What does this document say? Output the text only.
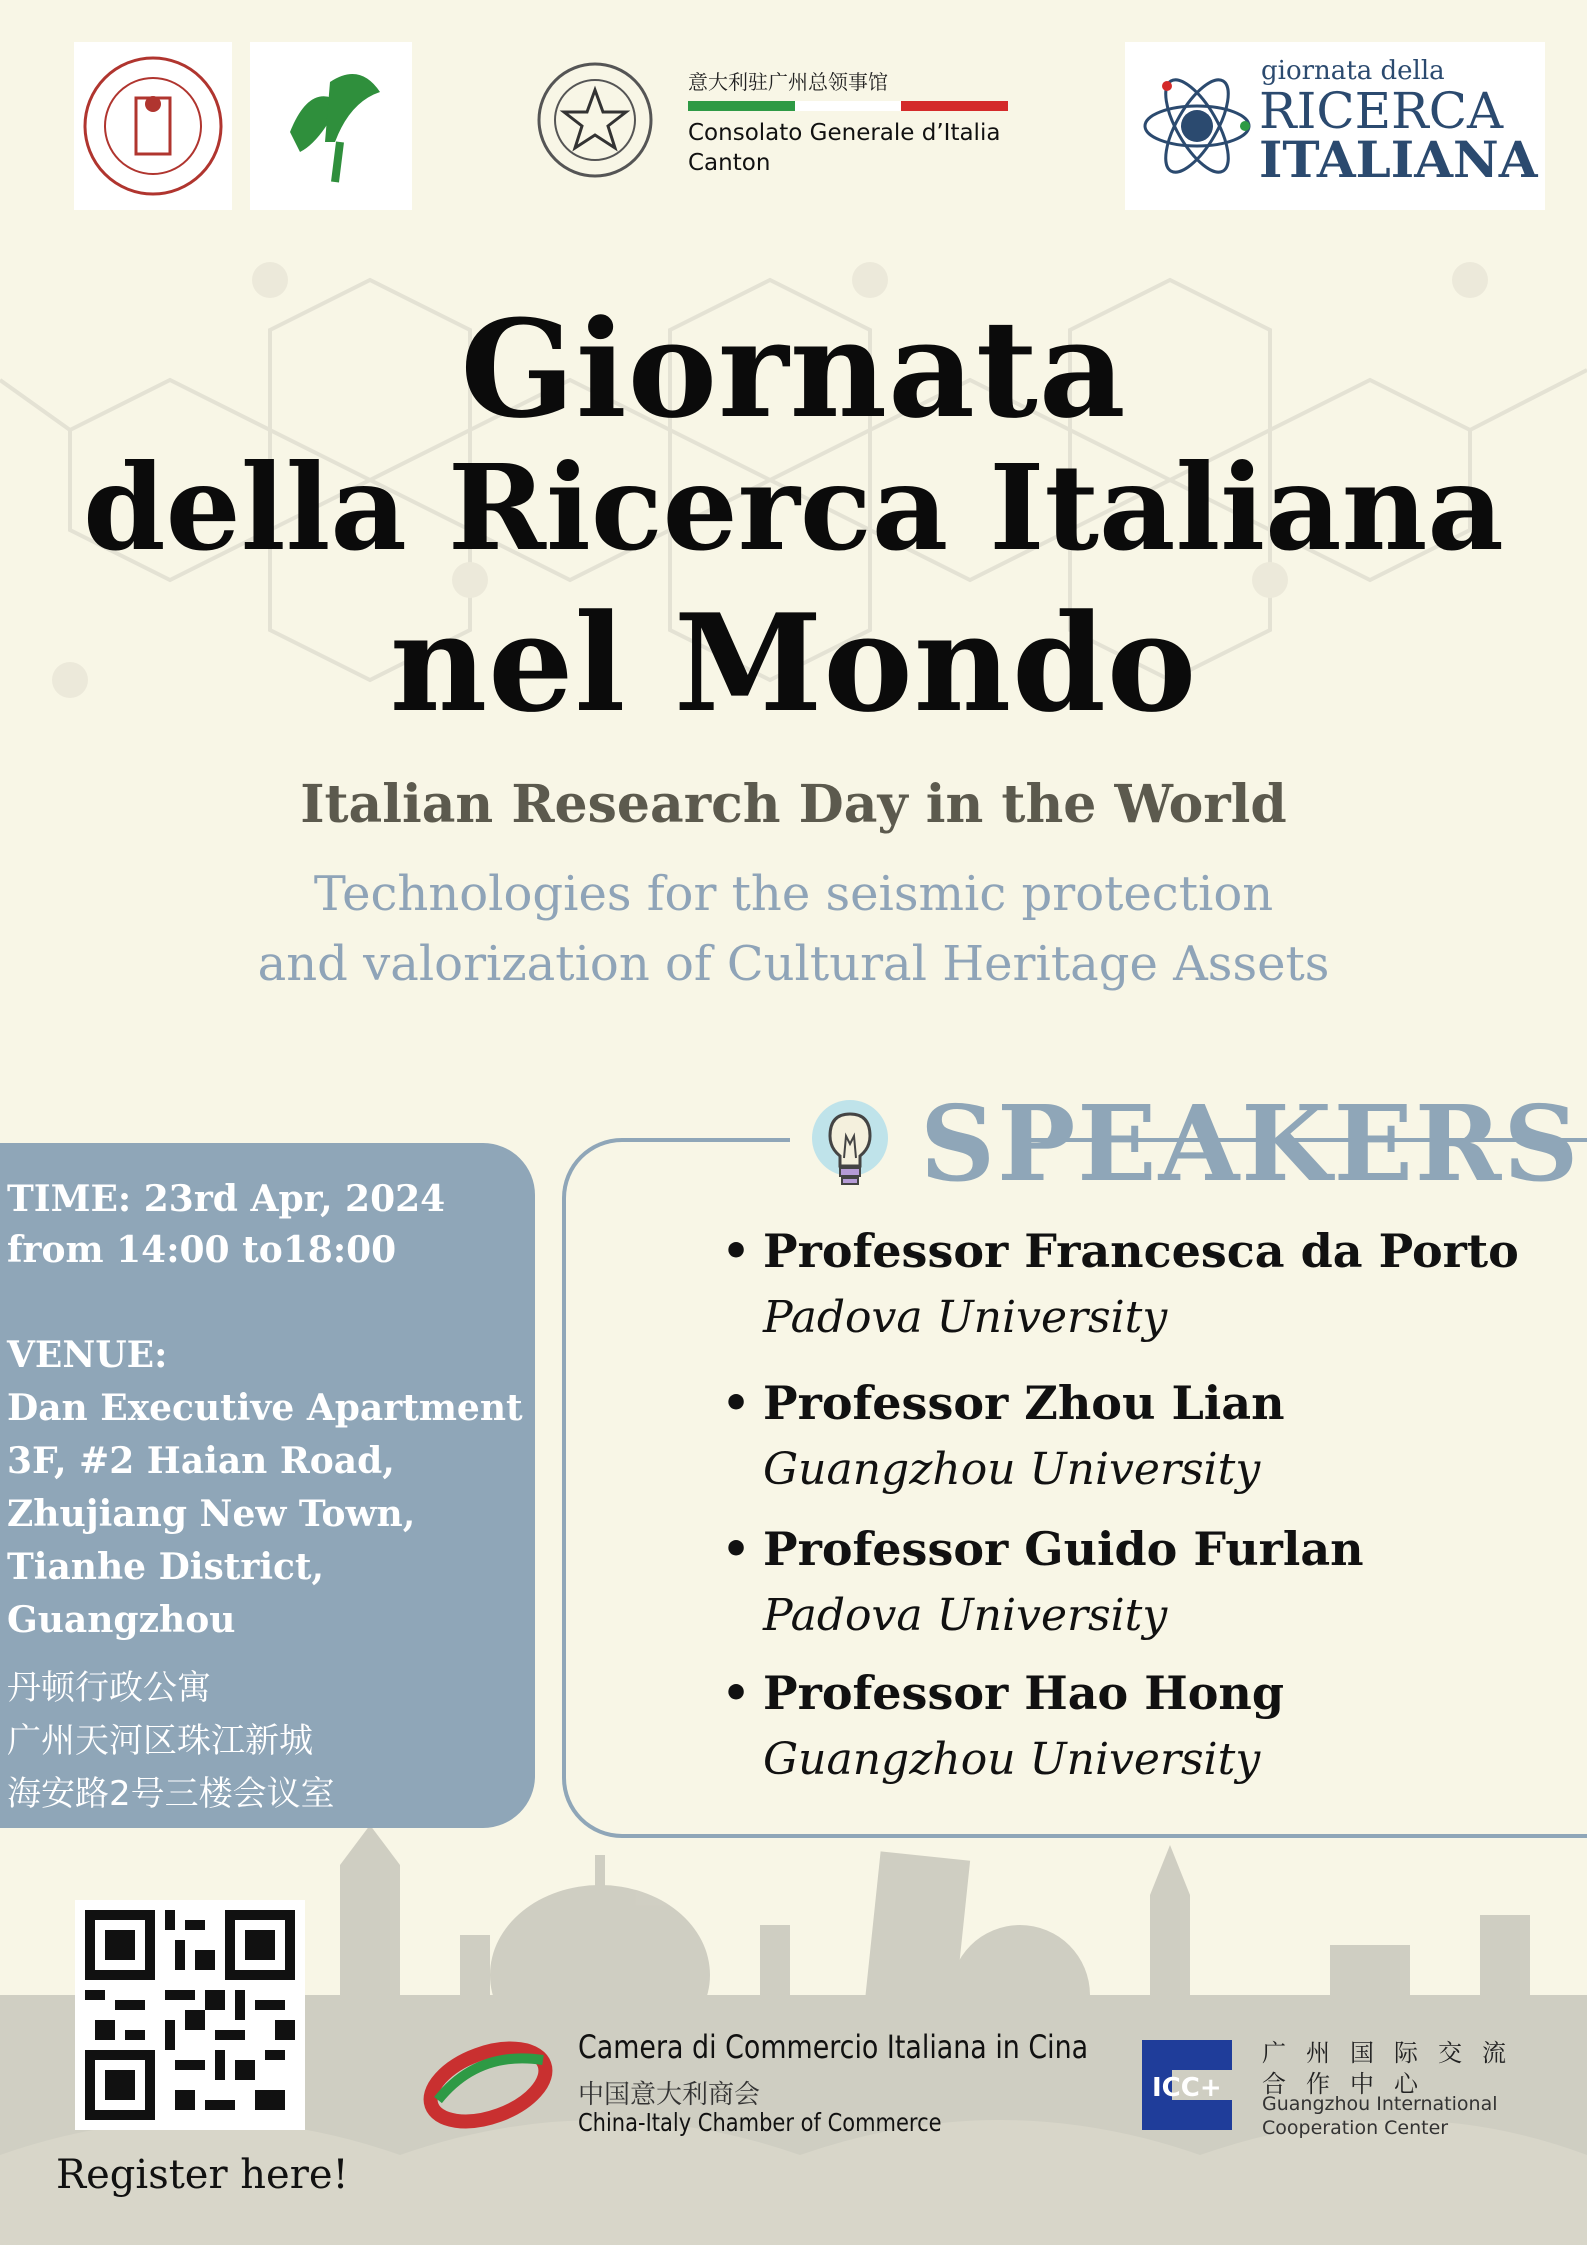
意大利驻广州总领事馆
Consolato Generale d’Italia
Canton
giornata della
RICERCA
ITALIANA
Giornata
della Ricerca Italiana
nel Mondo
Italian Research Day in the World
Technologies for the seismic protection
and valorization of Cultural Heritage Assets
TIME: 23rd Apr, 2024
from 14:00 to18:00
VENUE:
Dan Executive Apartment
3F, #2 Haian Road,
Zhujiang New Town,
Tianhe District,
Guangzhou
丹顿行政公寓
广州天河区珠江新城
海安路2号三楼会议室
SPEAKERS
• Professor Francesca da Porto
Padova University
• Professor Zhou Lian
Guangzhou University
• Professor Guido Furlan
Padova University
• Professor Hao Hong
Guangzhou University
Register here!
Camera di Commercio Italiana in Cina
中国意大利商会
China-Italy Chamber of Commerce
ICC+
广州国际交流
合作中心
Guangzhou International
Cooperation Center
